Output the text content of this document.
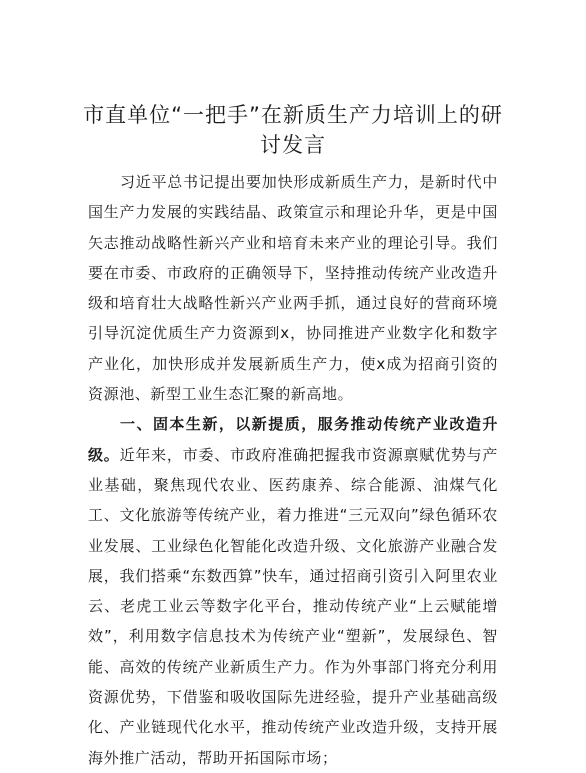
市直单位“一把手”在新质生产力培训上的研讨发言

习近平总书记提出要加快形成新质生产力，是新时代中国生产力发展的实践结晶、政策宣示和理论升华，更是中国矢志推动战略性新兴产业和培育未来产业的理论引导。我们要在市委、市政府的正确领导下，坚持推动传统产业改造升级和培育壮大战略性新兴产业两手抓，通过良好的营商环境引导沉淀优质生产力资源到x，协同推进产业数字化和数字产业化，加快形成并发展新质生产力，使x成为招商引资的资源池、新型工业生态汇聚的新高地。

一、固本生新，以新提质，服务推动传统产业改造升级。近年来，市委、市政府准确把握我市资源禀赋优势与产业基础，聚焦现代农业、医药康养、综合能源、油煤气化工、文化旅游等传统产业，着力推进“三元双向”绿色循环农业发展、工业绿色化智能化改造升级、文化旅游产业融合发展，我们搭乘“东数西算”快车，通过招商引资引入阿里农业云、老虎工业云等数字化平台，推动传统产业“上云赋能增效”，利用数字信息技术为传统产业“塑新”，发展绿色、智能、高效的传统产业新质生产力。作为外事部门将充分利用资源优势，下借鉴和吸收国际先进经验，提升产业基础高级化、产业链现代化水平，推动传统产业改造升级，支持开展海外推广活动，帮助开拓国际市场；
